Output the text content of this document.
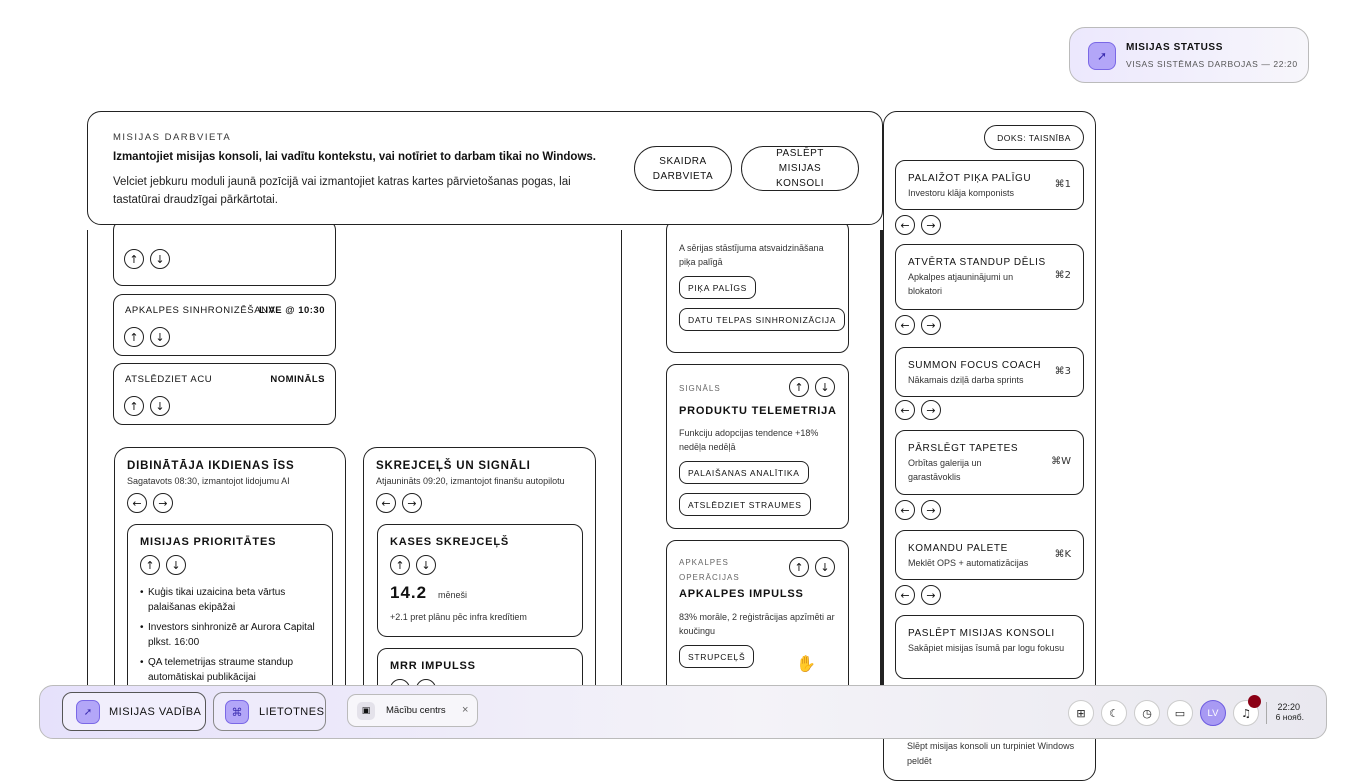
➚
MISIJAS STATUSS
VISAS SISTĒMAS DARBOJAS — 22:20
↑	↓
APKALPES SINHRONIZĒŠANA
LIVE @ 10:30
↑	↓
ATSLĒDZIET ACU	NOMINĀLS
↑	↓
DIBINĀTĀJA IKDIENAS ĪSS
Sagatavots 08:30, izmantojot lidojumu AI
←	→
MISIJAS PRIORITĀTES
↑	↓
• Kuģis tikai uzaicina beta vārtus palaišanas ekipāžai
• Investors sinhronizē ar Aurora Capital plkst. 16:00
• QA telemetrijas straume standup automātiskai publikācijai
SKREJCEĻŠ UN SIGNĀLI
Atjaunināts 09:20, izmantojot finanšu autopilotu
←	→
KASES SKREJCEĻŠ
↑	↓
14.2 mēneši
+2.1 pret plānu pēc infra kredītiem
MRR IMPULSS
A sērijas stāstījuma atsvaidzināšana piķa palīgā
PIĶA PALĪGS
DATU TELPAS SINHRONIZĀCIJA
SIGNĀLS	↑	↓
PRODUKTU TELEMETRIJA
Funkciju adopcijas tendence +18% nedēļa nedēļā
PALAIŠANAS ANALĪTIKA
ATSLĒDZIET STRAUMES
APKALPES OPERĀCIJAS
↑	↓
APKALPES IMPULSS
83% morāle, 2 reģistrācijas apzīmēti ar koučingu
STRUPCEĻŠ	✋
MISIJAS DARBVIETA
Izmantojiet misijas konsoli, lai vadītu kontekstu, vai notīriet to darbam tikai no Windows.
Velciet jebkuru moduli jaunā pozīcijā vai izmantojiet katras kartes pārvietošanas pogas, lai tastatūrai draudzīgai pārkārtotai.
SKAIDRA DARBVIETA
PASLĒPT MISIJAS KONSOLI
DOKS: TAISNĪBA
PALAIŽOT PIĶA PALĪGU
Investoru klāja komponists
⌘1
←	→
ATVĒRTA STANDUP DĒLIS
Apkalpes atjauninājumi un blokatori
⌘2
←	→
SUMMON FOCUS COACH
Nākamais dziļā darba sprints
⌘3
←	→
PĀRSLĒGT TAPETES
Orbītas galerija un garastāvoklis
⌘W
←	→
KOMANDU PALETE
Meklēt OPS + automatizācijas
⌘K
←	→
PASLĒPT MISIJAS KONSOLI
Sakāpiet misijas īsumā par logu fokusu
Slēpt misijas konsoli un turpiniet Windows peldēt
➚	MISIJAS VADĪBA	⌘	LIETOTNES	▣	Mācību centrs ×	⊞	☾	◷	▭	LV	♫	22:20
6 нояб.
